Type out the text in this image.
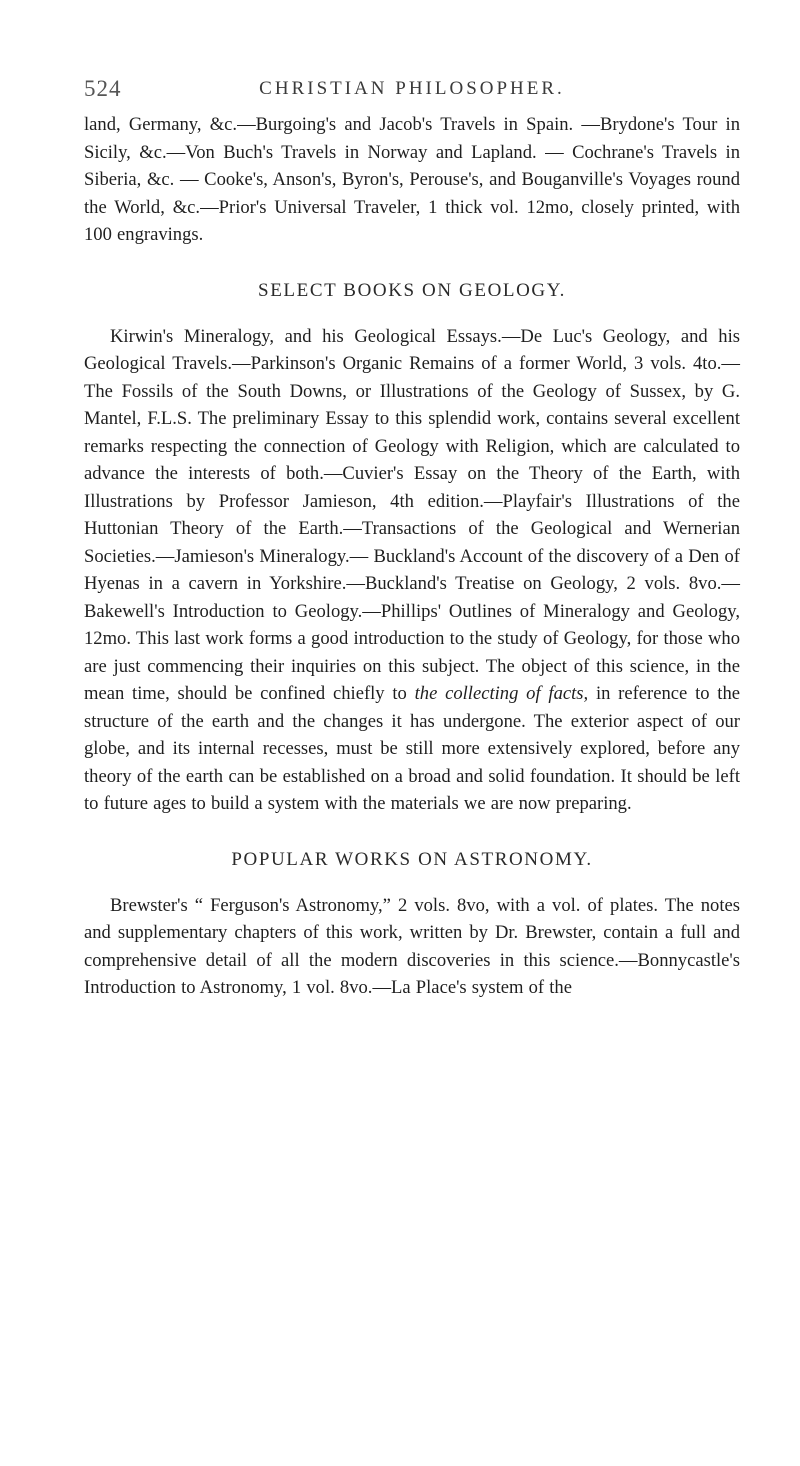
524	CHRISTIAN PHILOSOPHER.

land, Germany, &c.—Burgoing's and Jacob's Travels in Spain. —Brydone's Tour in Sicily, &c.—Von Buch's Travels in Norway and Lapland. — Cochrane's Travels in Siberia, &c. — Cooke's, Anson's, Byron's, Perouse's, and Bouganville's Voyages round the World, &c.—Prior's Universal Traveler, 1 thick vol. 12mo, closely printed, with 100 engravings.

SELECT BOOKS ON GEOLOGY.

Kirwin's Mineralogy, and his Geological Essays.—De Luc's Geology, and his Geological Travels.—Parkinson's Organic Remains of a former World, 3 vols. 4to.—The Fossils of the South Downs, or Illustrations of the Geology of Sussex, by G. Mantel, F.L.S. The preliminary Essay to this splendid work, contains several excellent remarks respecting the connection of Geology with Religion, which are calculated to advance the interests of both.—Cuvier's Essay on the Theory of the Earth, with Illustrations by Professor Jamieson, 4th edition.—Playfair's Illustrations of the Huttonian Theory of the Earth.—Transactions of the Geological and Wernerian Societies.—Jamieson's Mineralogy.— Buckland's Account of the discovery of a Den of Hyenas in a cavern in Yorkshire.—Buckland's Treatise on Geology, 2 vols. 8vo.—Bakewell's Introduction to Geology.—Phillips' Outlines of Mineralogy and Geology, 12mo. This last work forms a good introduction to the study of Geology, for those who are just commencing their inquiries on this subject. The object of this science, in the mean time, should be confined chiefly to the collecting of facts, in reference to the structure of the earth and the changes it has undergone. The exterior aspect of our globe, and its internal recesses, must be still more extensively explored, before any theory of the earth can be established on a broad and solid foundation. It should be left to future ages to build a system with the materials we are now preparing.

POPULAR WORKS ON ASTRONOMY.

Brewster's “ Ferguson's Astronomy,” 2 vols. 8vo, with a vol. of plates. The notes and supplementary chapters of this work, written by Dr. Brewster, contain a full and comprehensive detail of all the modern discoveries in this science.—Bonnycastle's Introduction to Astronomy, 1 vol. 8vo.—La Place's system of the
